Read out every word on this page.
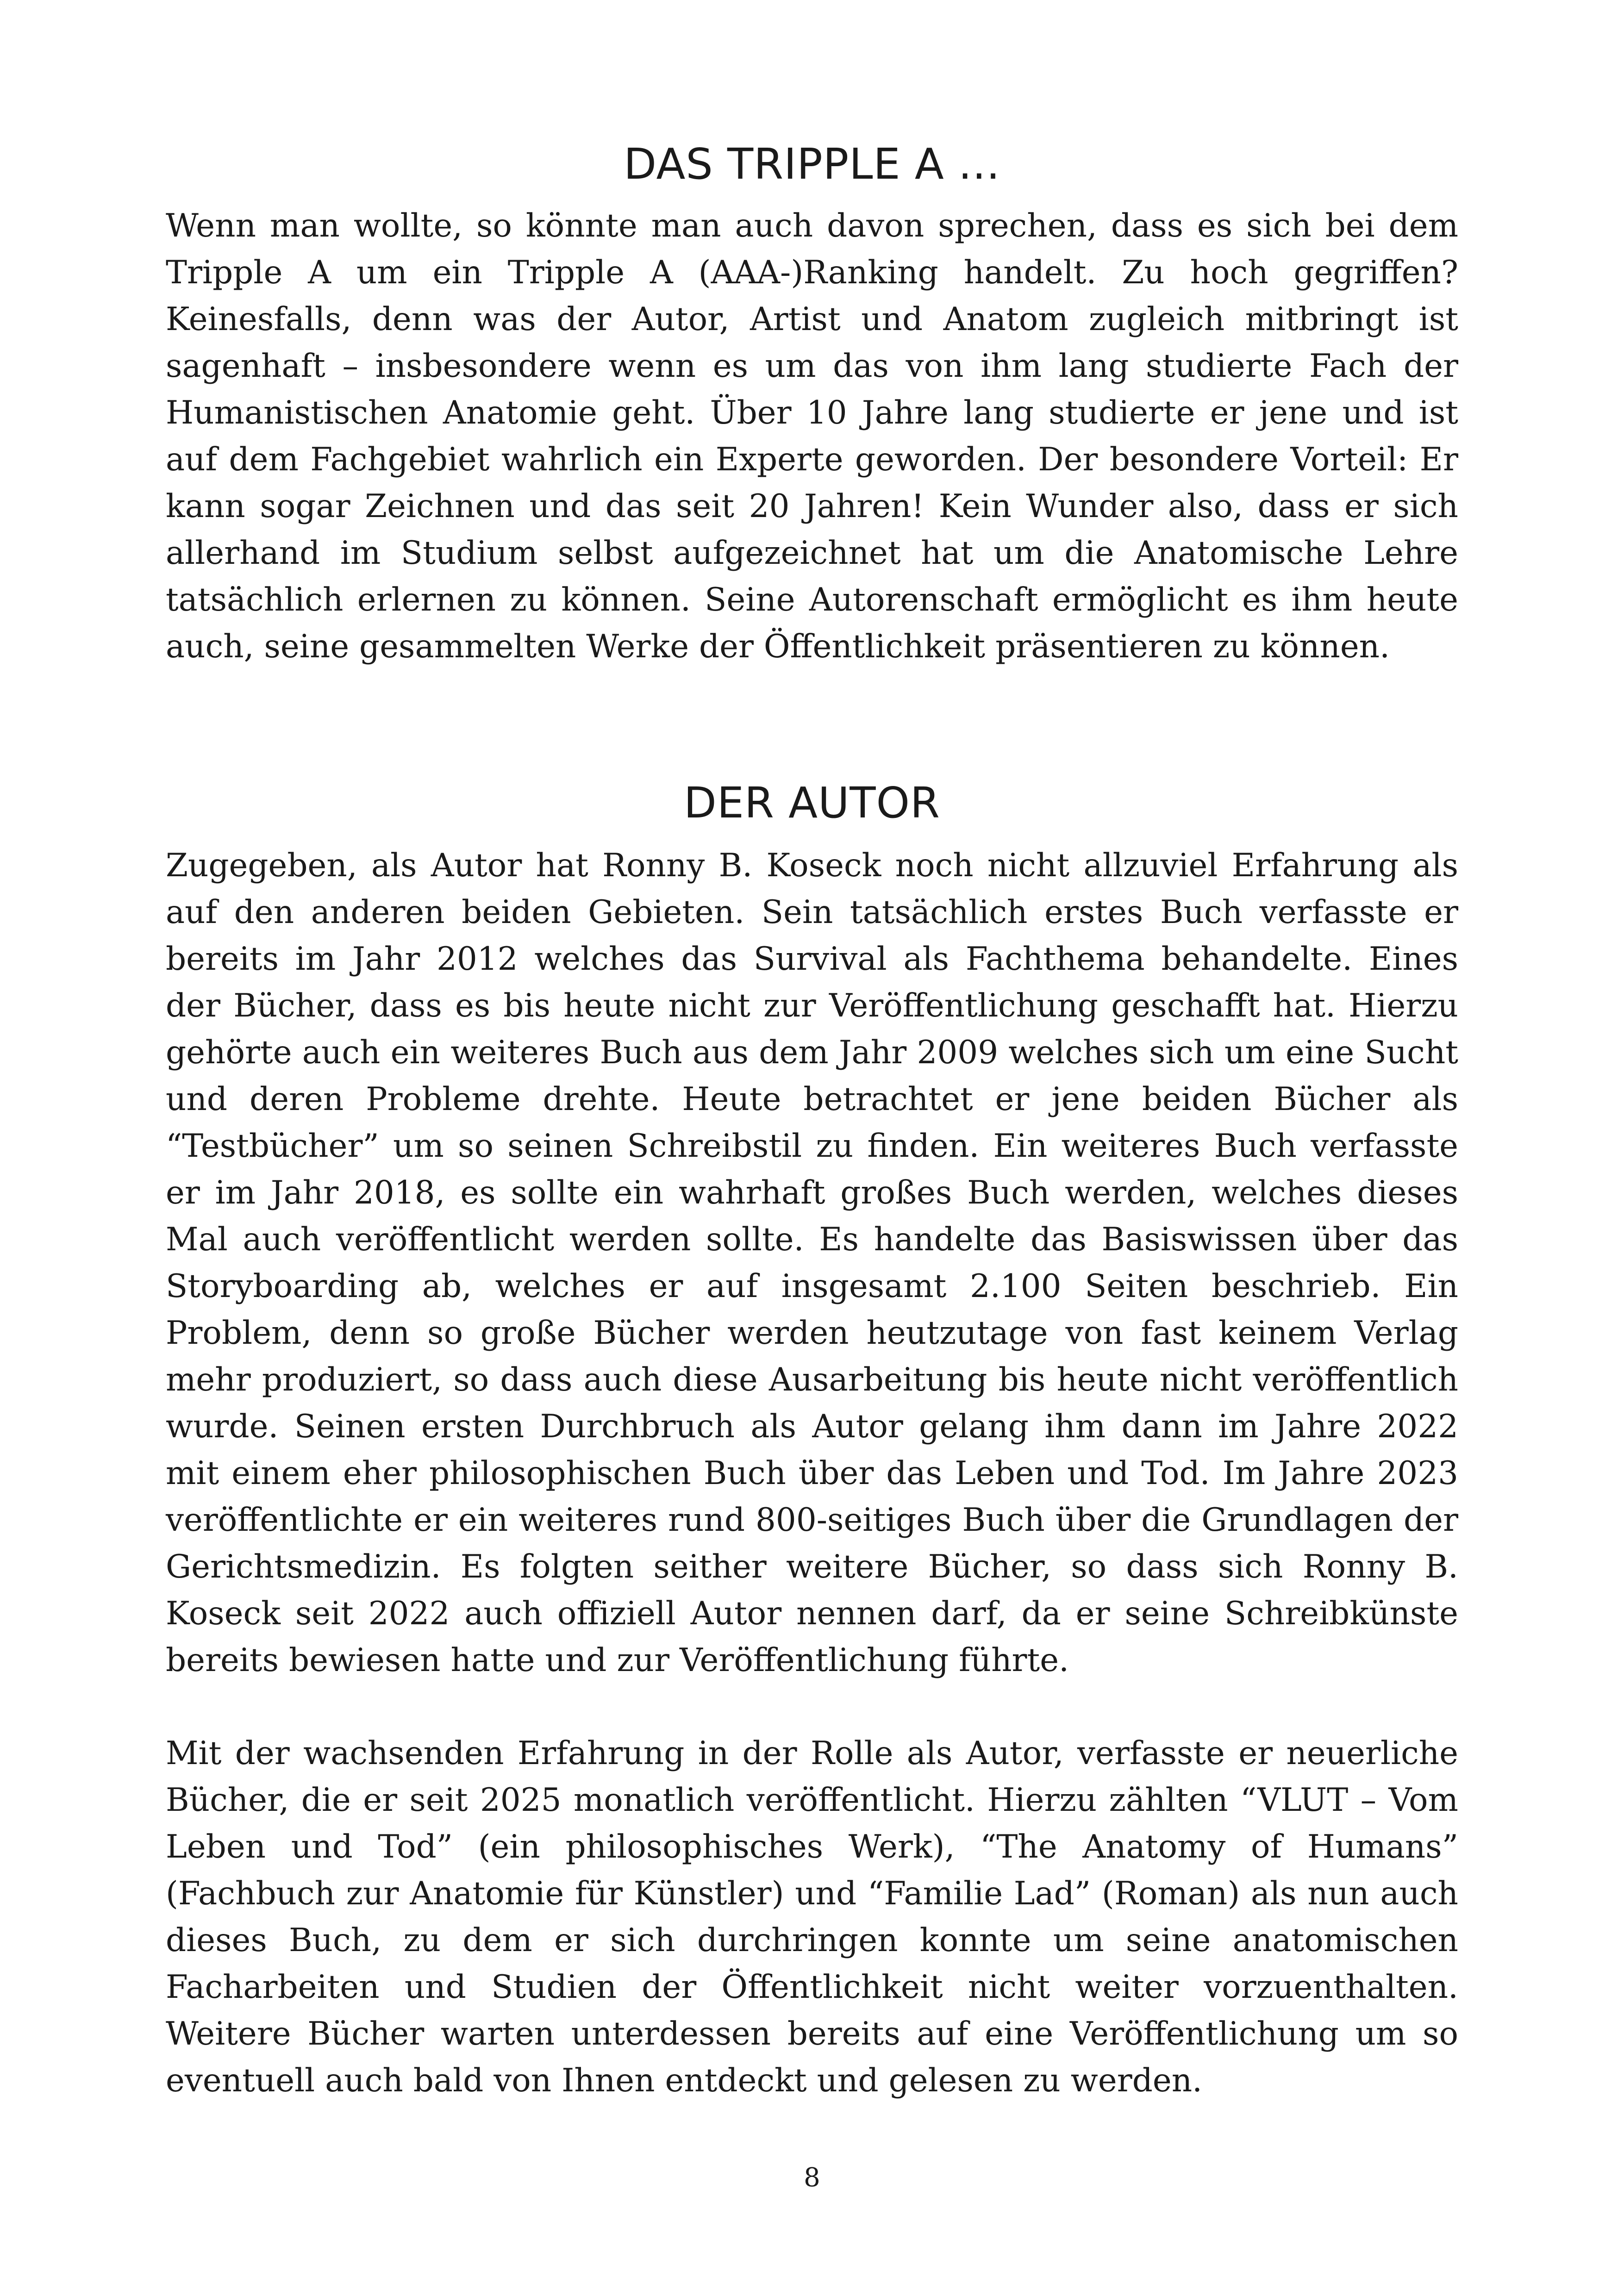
DAS TRIPPLE A ...

Wenn man wollte, so könnte man auch davon sprechen, dass es sich bei dem Tripple A um ein Tripple A (AAA-)Ranking handelt. Zu hoch gegriffen? Keinesfalls, denn was der Autor, Artist und Anatom zugleich mitbringt ist sagenhaft – insbesondere wenn es um das von ihm lang studierte Fach der Humanistischen Anatomie geht. Über 10 Jahre lang studierte er jene und ist auf dem Fachgebiet wahrlich ein Experte geworden. Der besondere Vorteil: Er kann sogar Zeichnen und das seit 20 Jahren! Kein Wunder also, dass er sich allerhand im Studium selbst aufgezeichnet hat um die Anatomische Lehre tatsächlich erlernen zu können. Seine Autorenschaft ermöglicht es ihm heute auch, seine gesammelten Werke der Öffentlichkeit präsentieren zu können.

DER AUTOR

Zugegeben, als Autor hat Ronny B. Koseck noch nicht allzuviel Erfahrung als auf den anderen beiden Gebieten. Sein tatsächlich erstes Buch verfasste er bereits im Jahr 2012 welches das Survival als Fachthema behandelte. Eines der Bücher, dass es bis heute nicht zur Veröffentlichung geschafft hat. Hierzu gehörte auch ein weiteres Buch aus dem Jahr 2009 welches sich um eine Sucht und deren Probleme drehte. Heute betrachtet er jene beiden Bücher als “Testbücher” um so seinen Schreibstil zu finden. Ein weiteres Buch verfasste er im Jahr 2018, es sollte ein wahrhaft großes Buch werden, welches dieses Mal auch veröffentlicht werden sollte. Es handelte das Basiswissen über das Storyboarding ab, welches er auf insgesamt 2.100 Seiten beschrieb. Ein Problem, denn so große Bücher werden heutzutage von fast keinem Verlag mehr produziert, so dass auch diese Ausarbeitung bis heute nicht veröffentlich wurde. Seinen ersten Durchbruch als Autor gelang ihm dann im Jahre 2022 mit einem eher philosophischen Buch über das Leben und Tod. Im Jahre 2023 veröffentlichte er ein weiteres rund 800-seitiges Buch über die Grundlagen der Gerichtsmedizin. Es folgten seither weitere Bücher, so dass sich Ronny B. Koseck seit 2022 auch offiziell Autor nennen darf, da er seine Schreibkünste bereits bewiesen hatte und zur Veröffentlichung führte.

Mit der wachsenden Erfahrung in der Rolle als Autor, verfasste er neuerliche Bücher, die er seit 2025 monatlich veröffentlicht. Hierzu zählten “VLUT – Vom Leben und Tod” (ein philosophisches Werk), “The Anatomy of Humans” (Fachbuch zur Anatomie für Künstler) und “Familie Lad” (Roman) als nun auch dieses Buch, zu dem er sich durchringen konnte um seine anatomischen Facharbeiten und Studien der Öffentlichkeit nicht weiter vorzuenthalten. Weitere Bücher warten unterdessen bereits auf eine Veröffentlichung um so eventuell auch bald von Ihnen entdeckt und gelesen zu werden.

8
